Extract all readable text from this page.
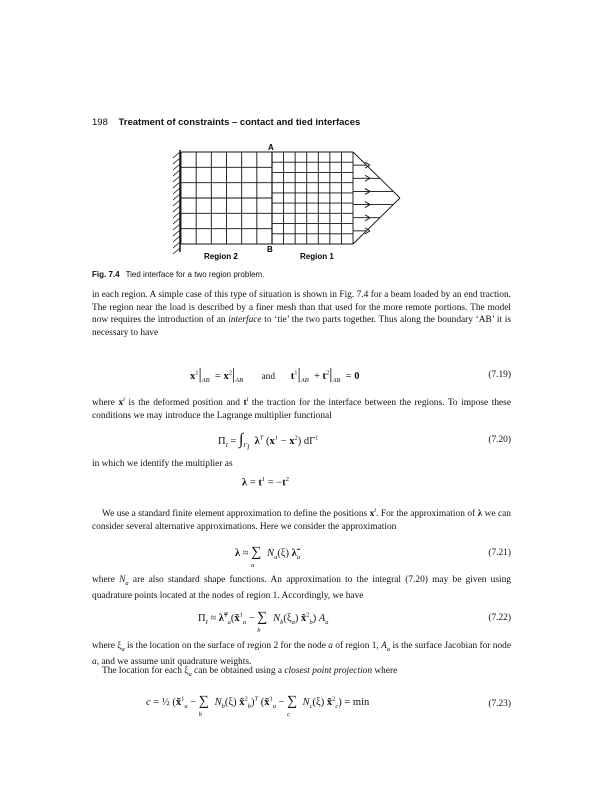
198 Treatment of constraints – contact and tied interfaces
A
B
Region 2	Region 1
Fig. 7.4 Tied interface for a two region problem.
in each region. A simple case of this type of situation is shown in Fig. 7.4 for a beam loaded by an end traction. The region near the load is described by a finer mesh than that used for the more remote portions. The model now requires the introduction of an interface to ‘tie’ the two parts together. Thus along the boundary ‘AB’ it is necessary to have
$x^1|_{AB} = x^2|_{AB}$ and $t^1|_{AB} + t^2|_{AB} = 0$	(7.19)
where $x^i$ is the deformed position and $t^i$ the traction for the interface between the regions. To impose these conditions we may introduce the Lagrange multiplier functional
$\Pi_I = \int_{\Gamma_I}$  $\lambda^T$ $(x^1 - x^2)$ $d\Gamma^1$	(7.20)
in which we identify the multiplier as
$\lambda = t^1 = -t^2$
We use a standard finite element approximation to define the positions $x^i$. For the approximation of λ we can consider several alternative approximations. Here we consider the approximation
$\lambda \approx \sum_a$ $N_a(\xi)$ $\lambdã_a$	(7.21)
where $N_a$ are also standard shape functions. An approximation to the integral (7.20) may be given using quadrature points located at the nodes of region 1. Accordingly, we have
$\Pi_I$ ≈ λ̃$^T_a$(x̃$^1_a$ − $\sum_b$ $N_b(\xi_a)$ x̃$^2_b$) $A_a$	(7.22)
where $\xi_a$ is the location on the surface of region 2 for the node a of region 1, $A_a$ is the surface Jacobian for node a, and we assume unit quadrature weights.
The location for each $\xi_a$ can be obtained using a closest point projection where
c = ½ (x̃$^1_a$ − $\sum_b$ $N_b(\xi)$ x̃$^2_b$)$^T$ (x̃$^1_a$ − $\sum_c$ $N_c(\xi)$ x̃$^2_c$) = min	(7.23)
